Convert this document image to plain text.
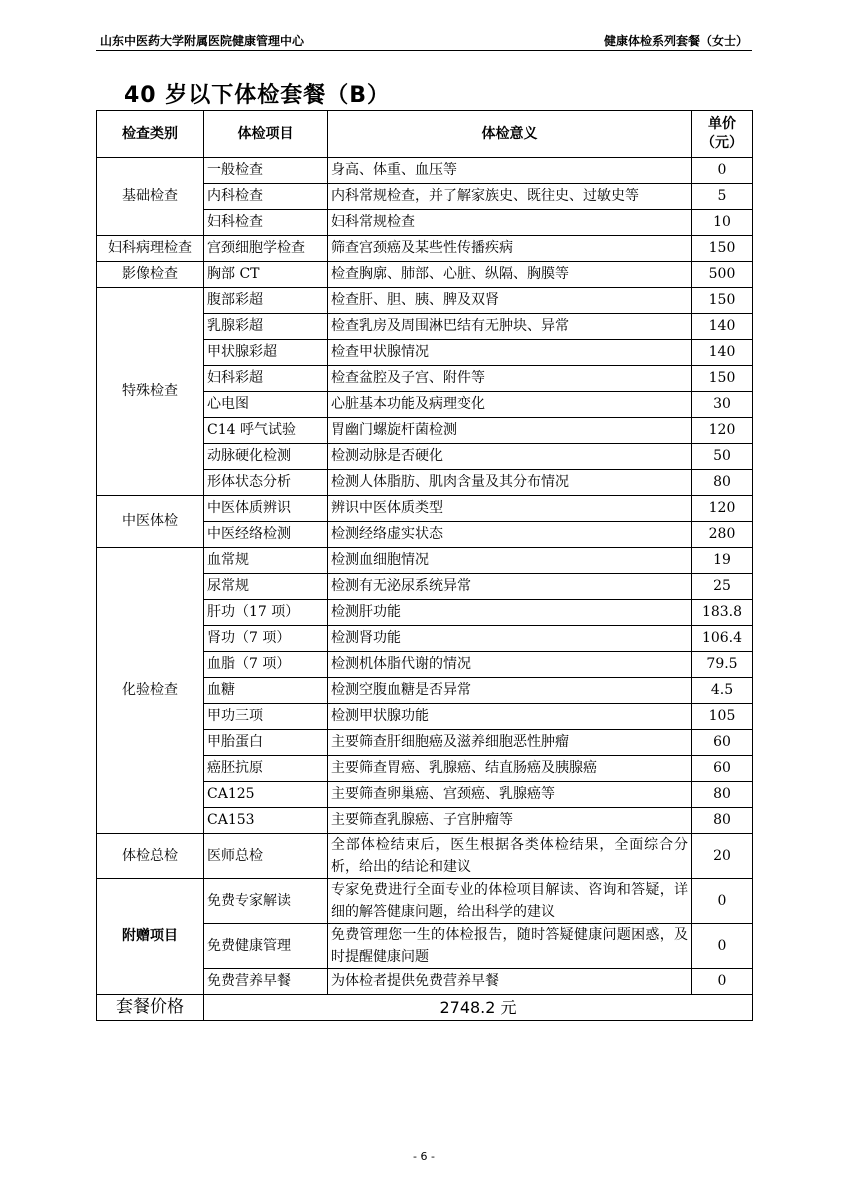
山东中医药大学附属医院健康管理中心	健康体检系列套餐（女士）
40 岁以下体检套餐（B）
检查类别	体检项目	体检意义	单价
（元）
基础检查	一般检查	身高、体重、血压等	0
	内科检查	内科常规检查，并了解家族史、既往史、过敏史等	5
	妇科检查	妇科常规检查	10
妇科病理检查	宫颈细胞学检查	筛查宫颈癌及某些性传播疾病	150
影像检查	胸部 CT	检查胸廓、肺部、心脏、纵隔、胸膜等	500
特殊检查	腹部彩超	检查肝、胆、胰、脾及双肾	150
	乳腺彩超	检查乳房及周围淋巴结有无肿块、异常	140
	甲状腺彩超	检查甲状腺情况	140
	妇科彩超	检查盆腔及子宫、附件等	150
	心电图	心脏基本功能及病理变化	30
	C14 呼气试验	胃幽门螺旋杆菌检测	120
	动脉硬化检测	检测动脉是否硬化	50
	形体状态分析	检测人体脂肪、肌肉含量及其分布情况	80
中医体检	中医体质辨识	辨识中医体质类型	120
	中医经络检测	检测经络虚实状态	280
化验检查	血常规	检测血细胞情况	19
	尿常规	检测有无泌尿系统异常	25
	肝功（17 项）	检测肝功能	183.8
	肾功（7 项）	检测肾功能	106.4
	血脂（7 项）	检测机体脂代谢的情况	79.5
	血糖	检测空腹血糖是否异常	4.5
	甲功三项	检测甲状腺功能	105
	甲胎蛋白	主要筛查肝细胞癌及滋养细胞恶性肿瘤	60
	癌胚抗原	主要筛查胃癌、乳腺癌、结直肠癌及胰腺癌	60
	CA125	主要筛查卵巢癌、宫颈癌、乳腺癌等	80
	CA153	主要筛查乳腺癌、子宫肿瘤等	80
体检总检	医师总检	全部体检结束后，医生根据各类体检结果，全面综合分析，给出的结论和建议	20
附赠项目	免费专家解读	专家免费进行全面专业的体检项目解读、咨询和答疑，详细的解答健康问题，给出科学的建议	0
	免费健康管理	免费管理您一生的体检报告，随时答疑健康问题困惑，及时提醒健康问题	0
	免费营养早餐	为体检者提供免费营养早餐	0
套餐价格	2748.2 元		
- 6 -
